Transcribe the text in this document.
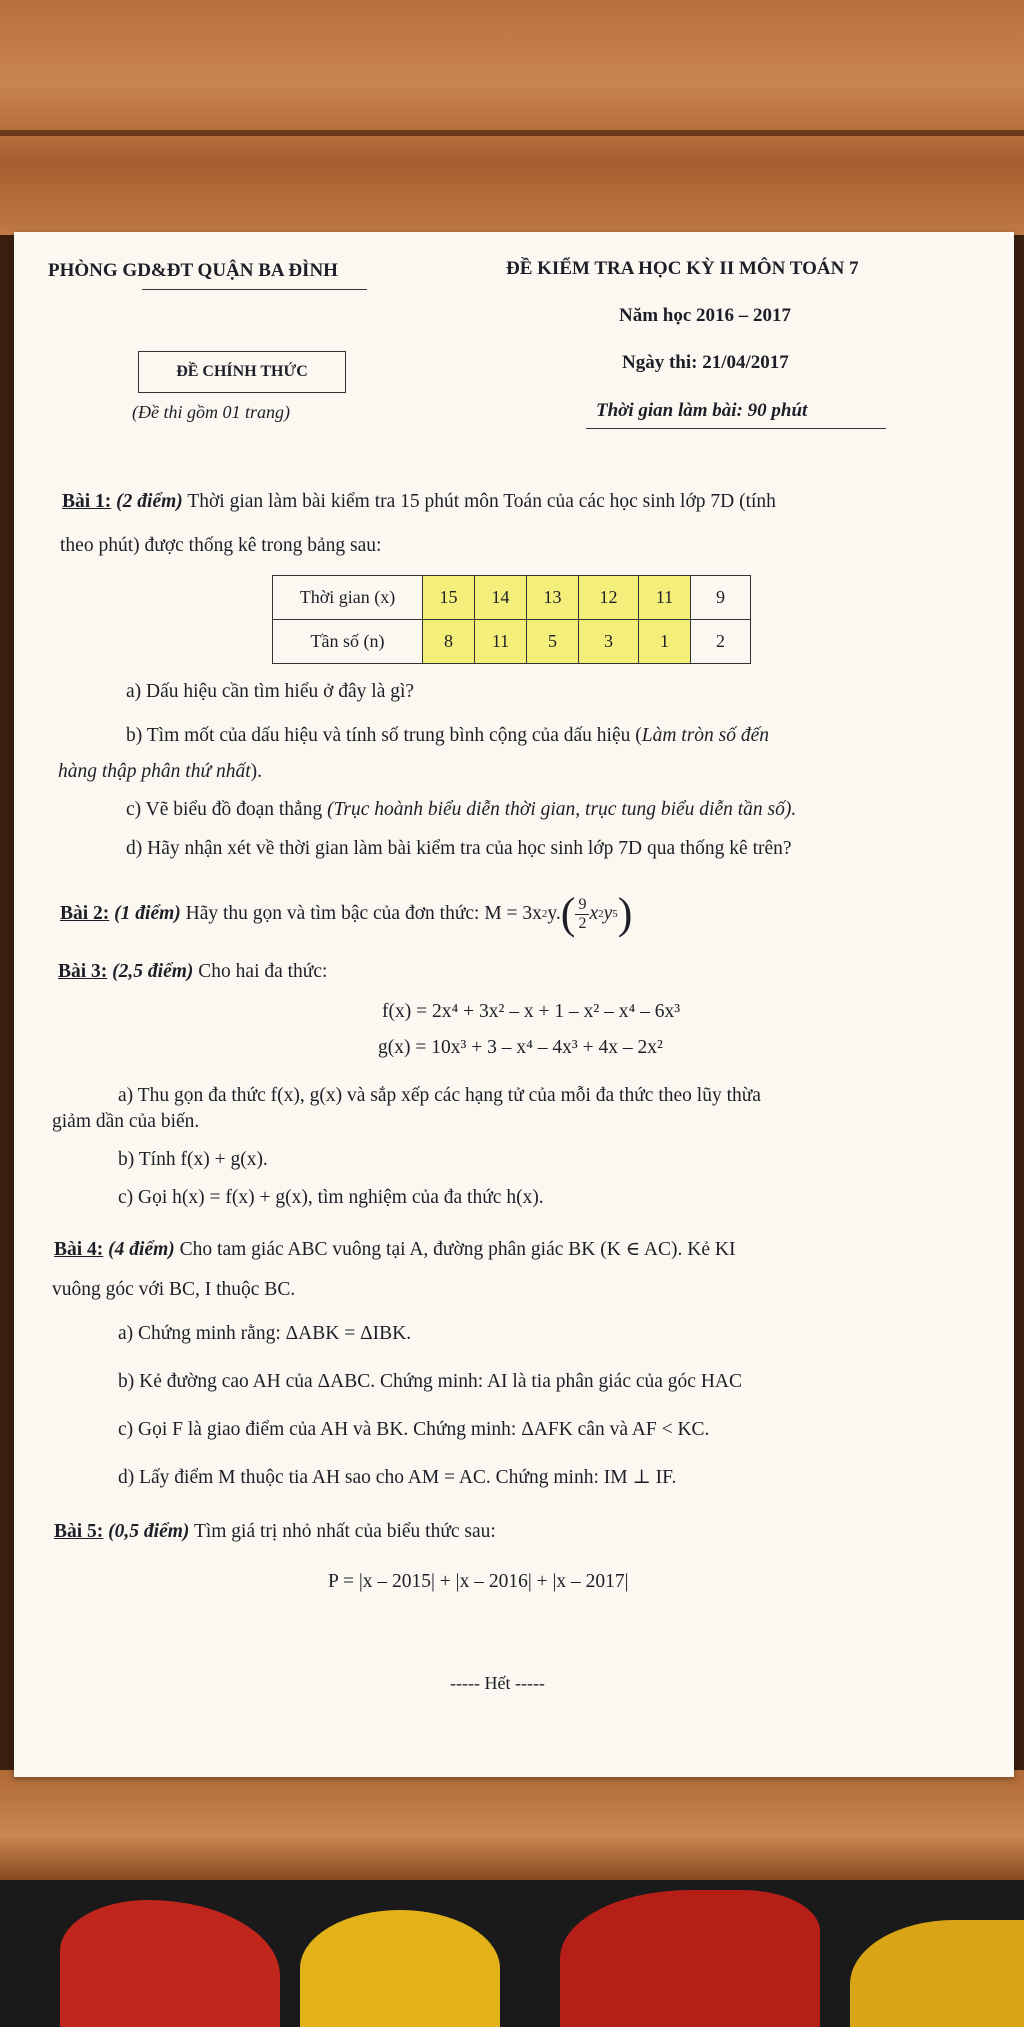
PHÒNG GD&ĐT QUẬN BA ĐÌNH	ĐỀ KIỂM TRA HỌC KỲ II MÔN TOÁN 7
Năm học 2016 – 2017
ĐỀ CHÍNH THỨC	Ngày thi: 21/04/2017
(Đề thi gồm 01 trang)	Thời gian làm bài: 90 phút
Bài 1: (2 điểm) Thời gian làm bài kiểm tra 15 phút môn Toán của các học sinh lớp 7D (tính
theo phút) được thống kê trong bảng sau:
Thời gian (x)	15	14	13	12	11	9
Tần số (n)	8	11	5	3	1	2
a) Dấu hiệu cần tìm hiểu ở đây là gì?
b) Tìm mốt của dấu hiệu và tính số trung bình cộng của dấu hiệu (Làm tròn số đến
hàng thập phân thứ nhất).
c) Vẽ biểu đồ đoạn thẳng (Trục hoành biểu diễn thời gian, trục tung biểu diễn tần số).
d) Hãy nhận xét về thời gian làm bài kiểm tra của học sinh lớp 7D qua thống kê trên?
Bài 2:
(1 điểm)
Hãy thu gọn và tìm bậc của đơn thức: M = 3x 2 y. ( $\frac{9}{2}$ x 2 y 5 )
Bài 3: (2,5 điểm) Cho hai đa thức:
f(x) = 2x⁴ + 3x² – x + 1 – x² – x⁴ – 6x³
g(x) = 10x³ + 3 – x⁴ – 4x³ + 4x – 2x²
a) Thu gọn đa thức f(x), g(x) và sắp xếp các hạng tử của mỗi đa thức theo lũy thừa
giảm dần của biến.
b) Tính f(x) + g(x).
c) Gọi h(x) = f(x) + g(x), tìm nghiệm của đa thức h(x).
Bài 4: (4 điểm) Cho tam giác ABC vuông tại A, đường phân giác BK (K ∈ AC). Kẻ KI
vuông góc với BC, I thuộc BC.
a) Chứng minh rằng: ΔABK = ΔIBK.
b) Kẻ đường cao AH của ΔABC. Chứng minh: AI là tia phân giác của góc HAC
c) Gọi F là giao điểm của AH và BK. Chứng minh: ΔAFK cân và AF < KC.
d) Lấy điểm M thuộc tia AH sao cho AM = AC. Chứng minh: IM ⊥ IF.
Bài 5: (0,5 điểm) Tìm giá trị nhỏ nhất của biểu thức sau:
P = |x – 2015| + |x – 2016| + |x – 2017|
----- Hết -----
